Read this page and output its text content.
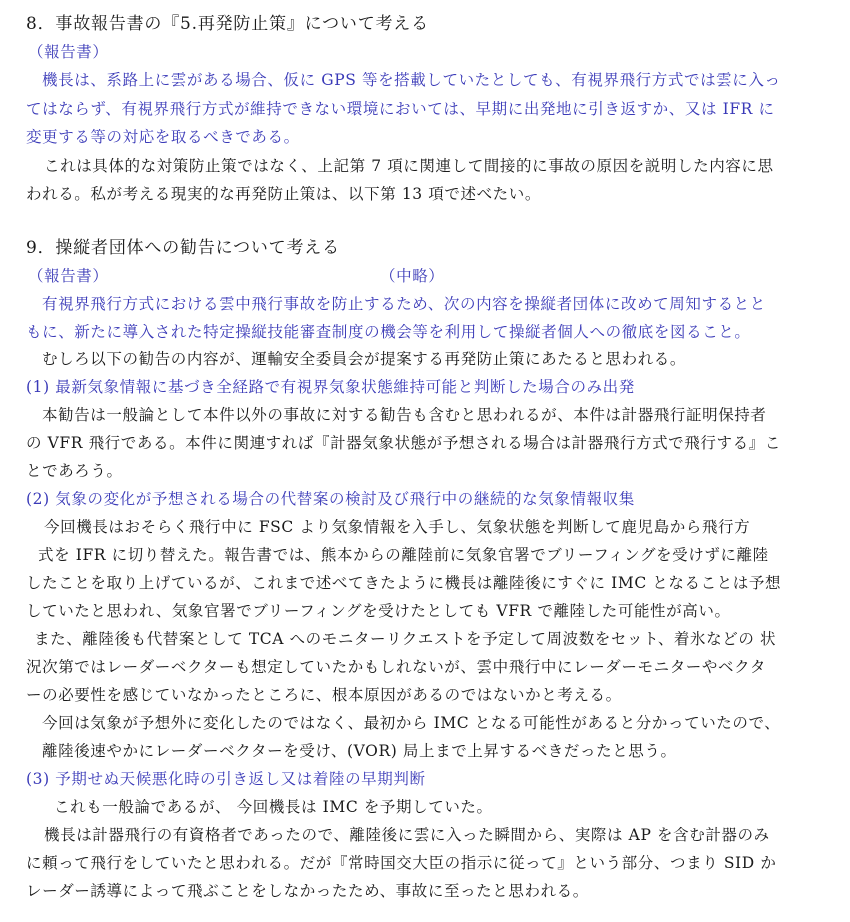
8．事故報告書の『5.再発防止策』について考える
（報告書）
機長は、系路上に雲がある場合、仮に GPS 等を搭載していたとしても、有視界飛行方式では雲に入っ
てはならず、有視界飛行方式が維持できない環境においては、早期に出発地に引き返すか、又は IFR に
変更する等の対応を取るべきである。
これは具体的な対策防止策ではなく、上記第 7 項に関連して間接的に事故の原因を説明した内容に思
われる。私が考える現実的な再発防止策は、以下第 13 項で述べたい。
9．操縦者団体への勧告について考える
（報告書）	（中略）
有視界飛行方式における雲中飛行事故を防止するため、次の内容を操縦者団体に改めて周知するとと
もに、新たに導入された特定操縦技能審査制度の機会等を利用して操縦者個人への徹底を図ること。
むしろ以下の勧告の内容が、運輸安全委員会が提案する再発防止策にあたると思われる。
(1) 最新気象情報に基づき全経路で有視界気象状態維持可能と判断した場合のみ出発
本勧告は一般論として本件以外の事故に対する勧告も含むと思われるが、本件は計器飛行証明保持者
の VFR 飛行である。本件に関連すれば『計器気象状態が予想される場合は計器飛行方式で飛行する』こ
とであろう。
(2) 気象の変化が予想される場合の代替案の検討及び飛行中の継続的な気象情報収集
今回機長はおそらく飛行中に FSC より気象情報を入手し、気象状態を判断して鹿児島から飛行方
式を IFR に切り替えた。報告書では、熊本からの離陸前に気象官署でブリーフィングを受けずに離陸
したことを取り上げているが、これまで述べてきたように機長は離陸後にすぐに IMC となることは予想
していたと思われ、気象官署でブリーフィングを受けたとしても VFR で離陸した可能性が高い。
また、離陸後も代替案として TCA へのモニターリクエストを予定して周波数をセット、着氷などの 状
況次第ではレーダーベクターも想定していたかもしれないが、雲中飛行中にレーダーモニターやベクタ
ーの必要性を感じていなかったところに、根本原因があるのではないかと考える。
今回は気象が予想外に変化したのではなく、最初から IMC となる可能性があると分かっていたので、
離陸後速やかにレーダーベクターを受け、(VOR) 局上まで上昇するべきだったと思う。
(3) 予期せぬ天候悪化時の引き返し又は着陸の早期判断
これも一般論であるが、 今回機長は IMC を予期していた。
機長は計器飛行の有資格者であったので、離陸後に雲に入った瞬間から、実際は AP を含む計器のみ
に頼って飛行をしていたと思われる。だが『常時国交大臣の指示に従って』という部分、つまり SID か
レーダー誘導によって飛ぶことをしなかったため、事故に至ったと思われる。
